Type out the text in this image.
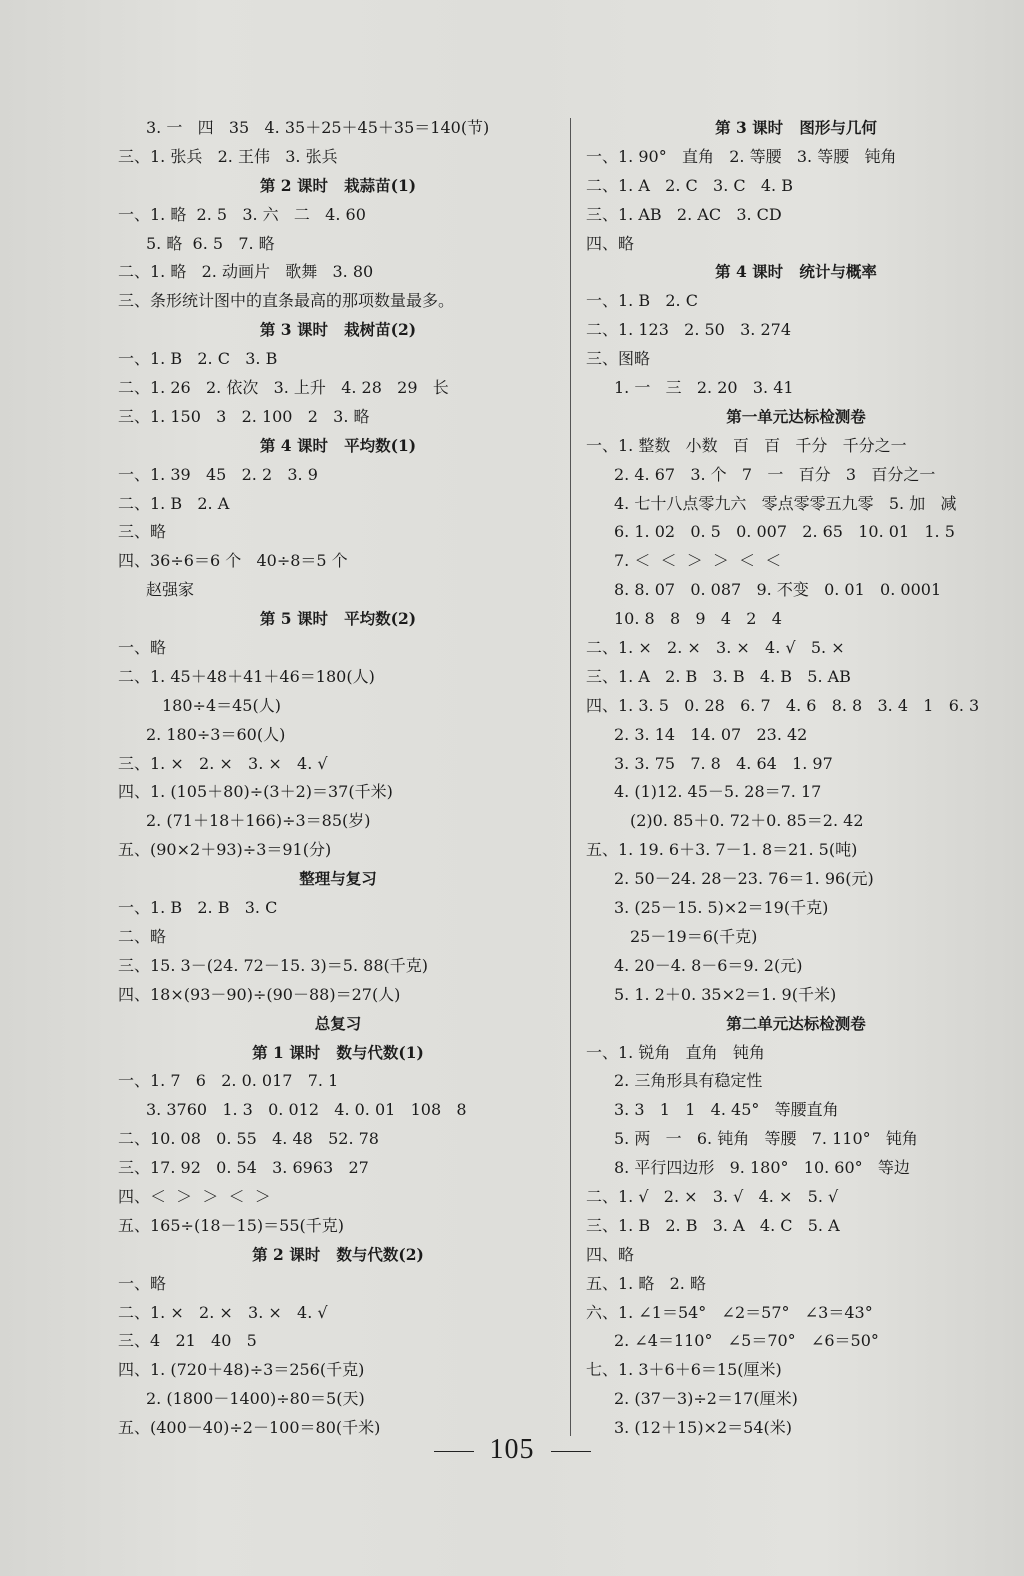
3. 一   四   35   4. 35＋25＋45＋35＝140(节)
三、1. 张兵   2. 王伟   3. 张兵
第 2 课时   栽蒜苗(1)
一、1. 略  2. 5   3. 六   二   4. 60
5. 略  6. 5   7. 略
二、1. 略   2. 动画片   歌舞   3. 80
三、条形统计图中的直条最高的那项数量最多。
第 3 课时   栽树苗(2)
一、1. B   2. C   3. B
二、1. 26   2. 依次   3. 上升   4. 28   29   长
三、1. 150   3   2. 100   2   3. 略
第 4 课时   平均数(1)
一、1. 39   45   2. 2   3. 9
二、1. B   2. A
三、略
四、36÷6＝6 个   40÷8＝5 个
赵强家
第 5 课时   平均数(2)
一、略
二、1. 45＋48＋41＋46＝180(人)
180÷4＝45(人)
2. 180÷3＝60(人)
三、1. ×   2. ×   3. ×   4. √
四、1. (105＋80)÷(3＋2)＝37(千米)
2. (71＋18＋166)÷3＝85(岁)
五、(90×2＋93)÷3＝91(分)
整理与复习
一、1. B   2. B   3. C
二、略
三、15. 3－(24. 72－15. 3)＝5. 88(千克)
四、18×(93－90)÷(90－88)＝27(人)
总复习
第 1 课时   数与代数(1)
一、1. 7   6   2. 0. 017   7. 1
3. 3760   1. 3   0. 012   4. 0. 01   108   8
二、10. 08   0. 55   4. 48   52. 78
三、17. 92   0. 54   3. 6963   27
四、＜  ＞  ＞  ＜  ＞
五、165÷(18－15)＝55(千克)
第 2 课时   数与代数(2)
一、略
二、1. ×   2. ×   3. ×   4. √
三、4   21   40   5
四、1. (720＋48)÷3＝256(千克)
2. (1800－1400)÷80＝5(天)
五、(400－40)÷2－100＝80(千米)
第 3 课时   图形与几何
一、1. 90°   直角   2. 等腰   3. 等腰   钝角
二、1. A   2. C   3. C   4. B
三、1. AB   2. AC   3. CD
四、略
第 4 课时   统计与概率
一、1. B   2. C
二、1. 123   2. 50   3. 274
三、图略
1. 一   三   2. 20   3. 41
第一单元达标检测卷
一、1. 整数   小数   百   百   千分   千分之一
2. 4. 67   3. 个   7   一   百分   3   百分之一
4. 七十八点零九六   零点零零五九零   5. 加   减
6. 1. 02   0. 5   0. 007   2. 65   10. 01   1. 5
7. ＜  ＜  ＞  ＞  ＜  ＜
8. 8. 07   0. 087   9. 不变   0. 01   0. 0001
10. 8   8   9   4   2   4
二、1. ×   2. ×   3. ×   4. √   5. ×
三、1. A   2. B   3. B   4. B   5. AB
四、1. 3. 5   0. 28   6. 7   4. 6   8. 8   3. 4   1   6. 3
2. 3. 14   14. 07   23. 42
3. 3. 75   7. 8   4. 64   1. 97
4. (1)12. 45－5. 28＝7. 17
(2)0. 85＋0. 72＋0. 85＝2. 42
五、1. 19. 6＋3. 7－1. 8＝21. 5(吨)
2. 50－24. 28－23. 76＝1. 96(元)
3. (25－15. 5)×2＝19(千克)
25－19＝6(千克)
4. 20－4. 8－6＝9. 2(元)
5. 1. 2＋0. 35×2＝1. 9(千米)
第二单元达标检测卷
一、1. 锐角   直角   钝角
2. 三角形具有稳定性
3. 3   1   1   4. 45°   等腰直角
5. 两   一   6. 钝角   等腰   7. 110°   钝角
8. 平行四边形   9. 180°   10. 60°   等边
二、1. √   2. ×   3. √   4. ×   5. √
三、1. B   2. B   3. A   4. C   5. A
四、略
五、1. 略   2. 略
六、1. ∠1＝54°   ∠2＝57°   ∠3＝43°
2. ∠4＝110°   ∠5＝70°   ∠6＝50°
七、1. 3＋6＋6＝15(厘米)
2. (37－3)÷2＝17(厘米)
3. (12＋15)×2＝54(米)
105
